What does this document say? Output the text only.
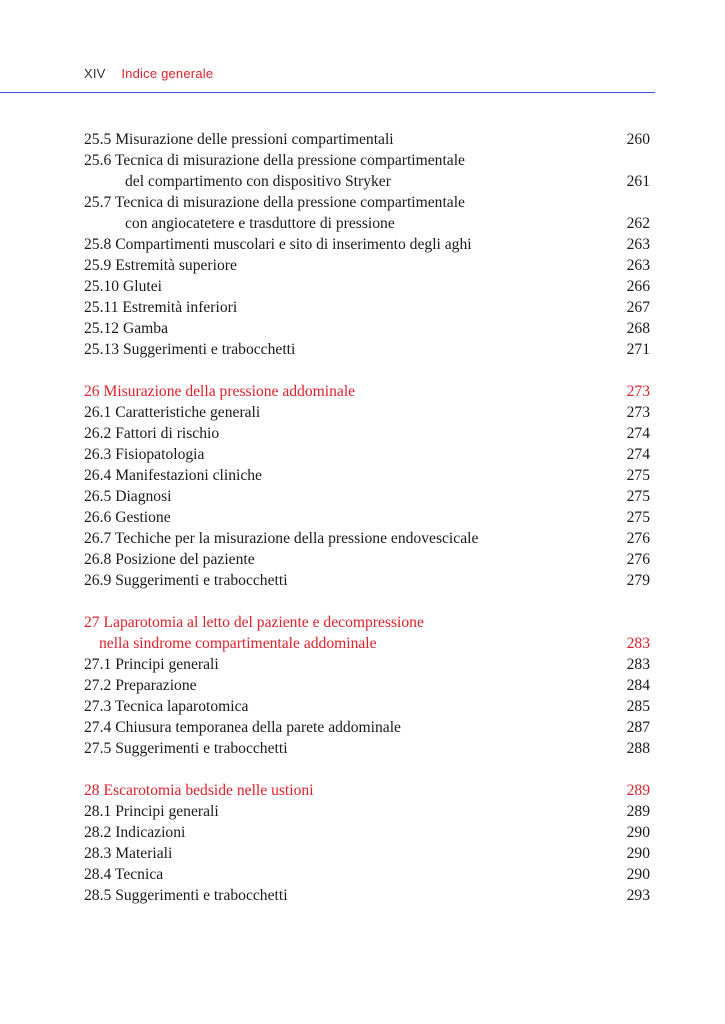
XIV Indice generale
25.5 Misurazione delle pressioni compartimentali	260
25.6 Tecnica di misurazione della pressione compartimentale
del compartimento con dispositivo Stryker	261
25.7 Tecnica di misurazione della pressione compartimentale
con angiocatetere e trasduttore di pressione	262
25.8 Compartimenti muscolari e sito di inserimento degli aghi	263
25.9 Estremità superiore	263
25.10 Glutei	266
25.11 Estremità inferiori	267
25.12 Gamba	268
25.13 Suggerimenti e trabocchetti	271
26 Misurazione della pressione addominale	273
26.1 Caratteristiche generali	273
26.2 Fattori di rischio	274
26.3 Fisiopatologia	274
26.4 Manifestazioni cliniche	275
26.5 Diagnosi	275
26.6 Gestione	275
26.7 Techiche per la misurazione della pressione endovescicale	276
26.8 Posizione del paziente	276
26.9 Suggerimenti e trabocchetti	279
27 Laparotomia al letto del paziente e decompressione
nella sindrome compartimentale addominale	283
27.1 Principi generali	283
27.2 Preparazione	284
27.3 Tecnica laparotomica	285
27.4 Chiusura temporanea della parete addominale	287
27.5 Suggerimenti e trabocchetti	288
28 Escarotomia bedside nelle ustioni	289
28.1 Principi generali	289
28.2 Indicazioni	290
28.3 Materiali	290
28.4 Tecnica	290
28.5 Suggerimenti e trabocchetti	293
